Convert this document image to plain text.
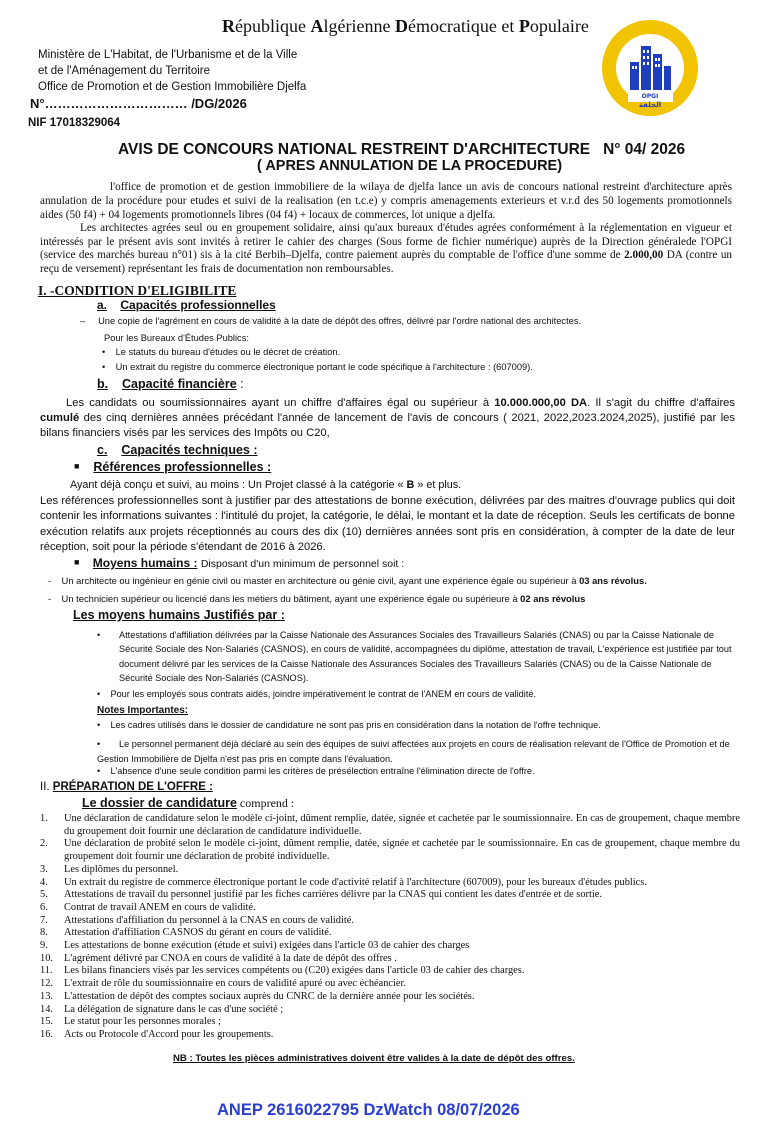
République Algérienne Démocratique et Populaire
Ministère de L'Habitat, de l'Urbanisme et de la Ville
et de l'Aménagement du Territoire
Office de Promotion et de Gestion Immobilière Djelfa
N°…………………………… /DG/2026
NIF 17018329064
OPGI
الجلفة
AVIS DE CONCOURS NATIONAL RESTREINT D'ARCHITECTURE N° 04/ 2026
( APRES ANNULATION DE LA PROCEDURE)
l'office de promotion et de gestion immobiliere de la wilaya de djelfa lance un avis de concours national restreint d'architecture après annulation de la procédure pour etudes et suivi de la realisation (en t.c.e) y compris amenagements exterieurs et v.r.d des 50 logements promotionnels aides (50 f4) + 04 logements promotionnels libres (04 f4) + locaux de commerces, lot unique a djelfa.
Les architectes agrées seul ou en groupement solidaire, ainsi qu'aux bureaux d'études agrées conformément à la réglementation en vigueur et intéressés par le présent avis sont invités à retirer le cahier des charges (Sous forme de fichier numérique) auprès de la Direction généralede l'OPGI (service des marchés bureau n°01) sis à la cité Berbih–Djelfa, contre paiement auprès du comptable de l'office d'une somme de 2.000,00 DA (contre un reçu de versement) représentant les frais de documentation non remboursables.
I. -CONDITION D'ELIGIBILITE
a. Capacités professionnelles
– Une copie de l'agrément en cours de validité à la date de dépôt des offres, délivré par l'ordre national des architectes.
Pour les Bureaux d'Études Publics:
• Le statuts du bureau d'études ou le décret de création.
• Un extrait du registre du commerce électronique portant le code spécifique à l'architecture : (607009).
b. Capacité financière :
Les candidats ou soumissionnaires ayant un chiffre d'affaires égal ou supérieur à 10.000.000,00 DA. Il s'agit du chiffre d'affaires cumulé des cinq dernières années précédant l'année de lancement de l'avis de concours ( 2021, 2022,2023.2024,2025), justifié par les bilans financiers visés par les services des Impôts ou C20,
c. Capacités techniques :
■ Références professionnelles :
Ayant déjà conçu et suivi, au moins : Un Projet classé à la catégorie « B » et plus.
Les références professionnelles sont à justifier par des attestations de bonne exécution, délivrées par des maitres d'ouvrage publics qui doit contenir les informations suivantes : l'intitulé du projet, la catégorie, le délai, le montant et la date de réception. Seuls les certificats de bonne exécution relatifs aux projets réceptionnés au cours des dix (10) dernières années sont pris en considération, à compter de la date de leur réception, soit pour la période s'étendant de 2016 à 2026.
■ Moyens humains : Disposant d'un minimum de personnel soit :
- Un architecte ou ingénieur en génie civil ou master en architecture ou génie civil, ayant une expérience égale ou supérieur à 03 ans révolus.
- Un technicien supérieur ou licencié dans les métiers du bâtiment, ayant une expérience égale ou supérieure à 02 ans révolus
Les moyens humains Justifiés par :
• Attestations d'affiliation délivrées par la Caisse Nationale des Assurances Sociales des Travailleurs Salariés (CNAS) ou par la Caisse Nationale de Sécurité Sociale des Non-Salariés (CASNOS), en cours de validité, accompagnées du diplôme, attestation de travail, L'expérience est justifiée par tout document délivré par les services de la Caisse Nationale des Assurances Sociales des Travailleurs Salariés (CNAS) ou de la Caisse Nationale de Sécurité Sociale des Non-Salariés (CASNOS).
• Pour les employés sous contrats aidés, joindre impérativement le contrat de l'ANEM en cours de validité.
Notes Importantes:
• Les cadres utilisés dans le dossier de candidature ne sont pas pris en considération dans la notation de l'offre technique.
•	Le personnel permanent déjà déclaré au sein des équipes de suivi affectées aux projets en cours de réalisation relevant de l'Office de Promotion et de Gestion Immobilière de Djelfa n'est pas pris en compte dans l'évaluation.
• L'absence d'une seule condition parmi les critères de présélection entraîne l'élimination directe de l'offre.
II. PRÉPARATION DE L'OFFRE :
Le dossier de candidature comprend :
1. Une déclaration de candidature selon le modèle ci-joint, dûment remplie, datée, signée et cachetée par le soumissionnaire. En cas de groupement, chaque membre du groupement doit fournir une déclaration de candidature individuelle.
2. Une déclaration de probité selon le modèle ci-joint, dûment remplie, datée, signée et cachetée par le soumissionnaire. En cas de groupement, chaque membre du groupement doit fournir une déclaration de probité individuelle.
3. Les diplômes du personnel.
4. Un extrait du registre de commerce électronique portant le code d'activité relatif à l'architecture (607009), pour les bureaux d'études publics.
5. Attestations de travail du personnel justifié par les fiches carrières délivre par la CNAS qui contient les dates d'entrée et de sortie.
6. Contrat de travail ANEM en cours de validité.
7. Attestations d'affiliation du personnel à la CNAS en cours de validité.
8. Attestation d'affiliation CASNOS du gérant en cours de validité.
9. Les attestations de bonne exécution (étude et suivi) exigées dans l'article 03 de cahier des charges
10. L'agrément délivré par CNOA en cours de validité à la date de dépôt des offres .
11. Les bilans financiers visés par les services compétents ou (C20) exigées dans l'article 03 de cahier des charges.
12. L'extrait de rôle du soumissionnaire en cours de validité apuré ou avec échéancier.
13. L'attestation de dépôt des comptes sociaux auprès du CNRC de la dernière année pour les sociétés.
14. La délégation de signature dans le cas d'une société ;
15. Le statut pour les personnes morales ;
16. Acts ou Protocole d'Accord pour les groupements.
NB : Toutes les pièces administratives doivent être valides à la date de dépôt des offres.
ANEP 2616022795 DzWatch 08/07/2026
